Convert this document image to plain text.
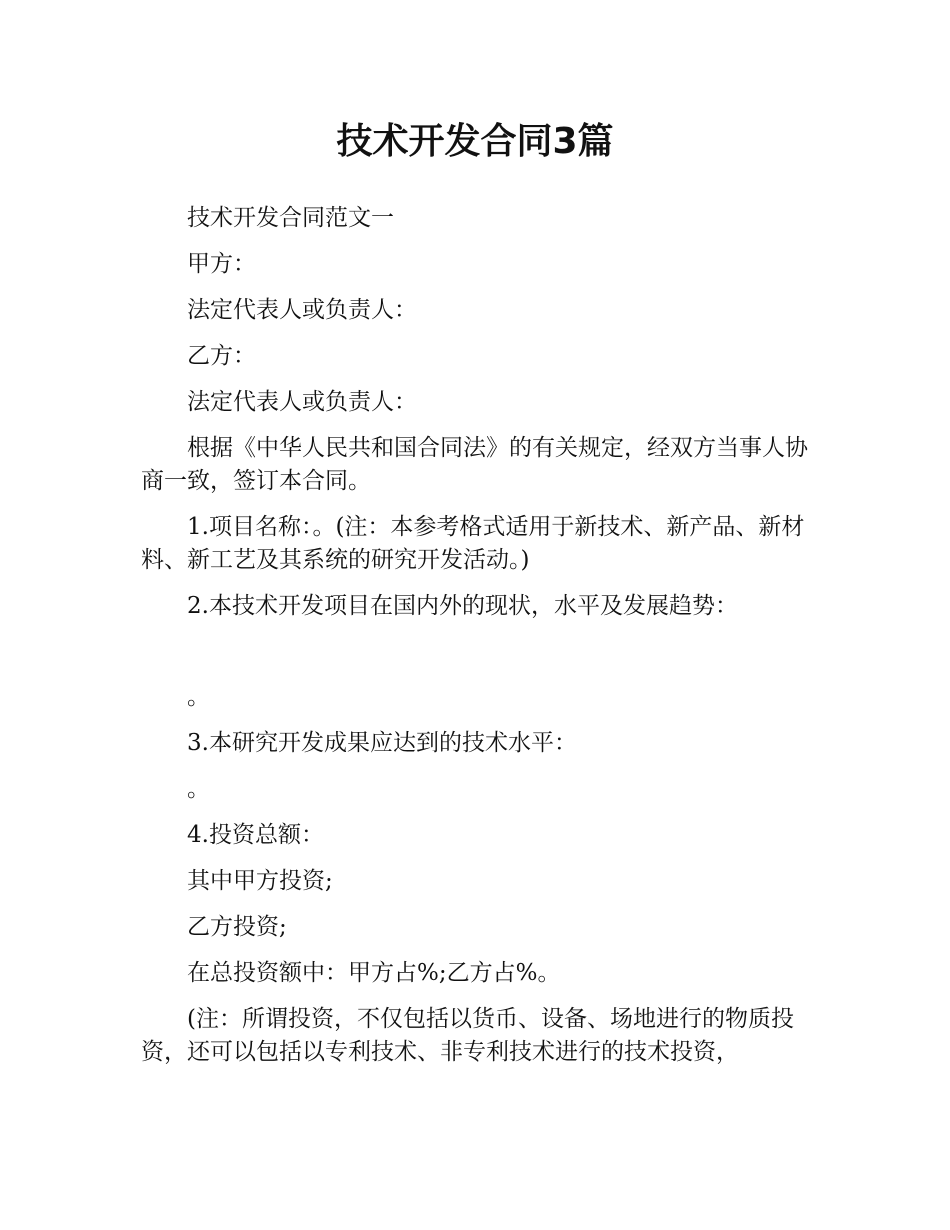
技术开发合同3篇

技术开发合同范文一

甲方：

法定代表人或负责人：

乙方：

法定代表人或负责人：

根据《中华人民共和国合同法》的有关规定，经双方当事人协商一致，签订本合同。

1.项目名称：。(注：本参考格式适用于新技术、新产品、新材料、新工艺及其系统的研究开发活动。)

2.本技术开发项目在国内外的现状，水平及发展趋势：

。

3.本研究开发成果应达到的技术水平：

。

4.投资总额：

其中甲方投资;

乙方投资;

在总投资额中：甲方占%;乙方占%。

(注：所谓投资，不仅包括以货币、设备、场地进行的物质投资，还可以包括以专利技术、非专利技术进行的技术投资，
